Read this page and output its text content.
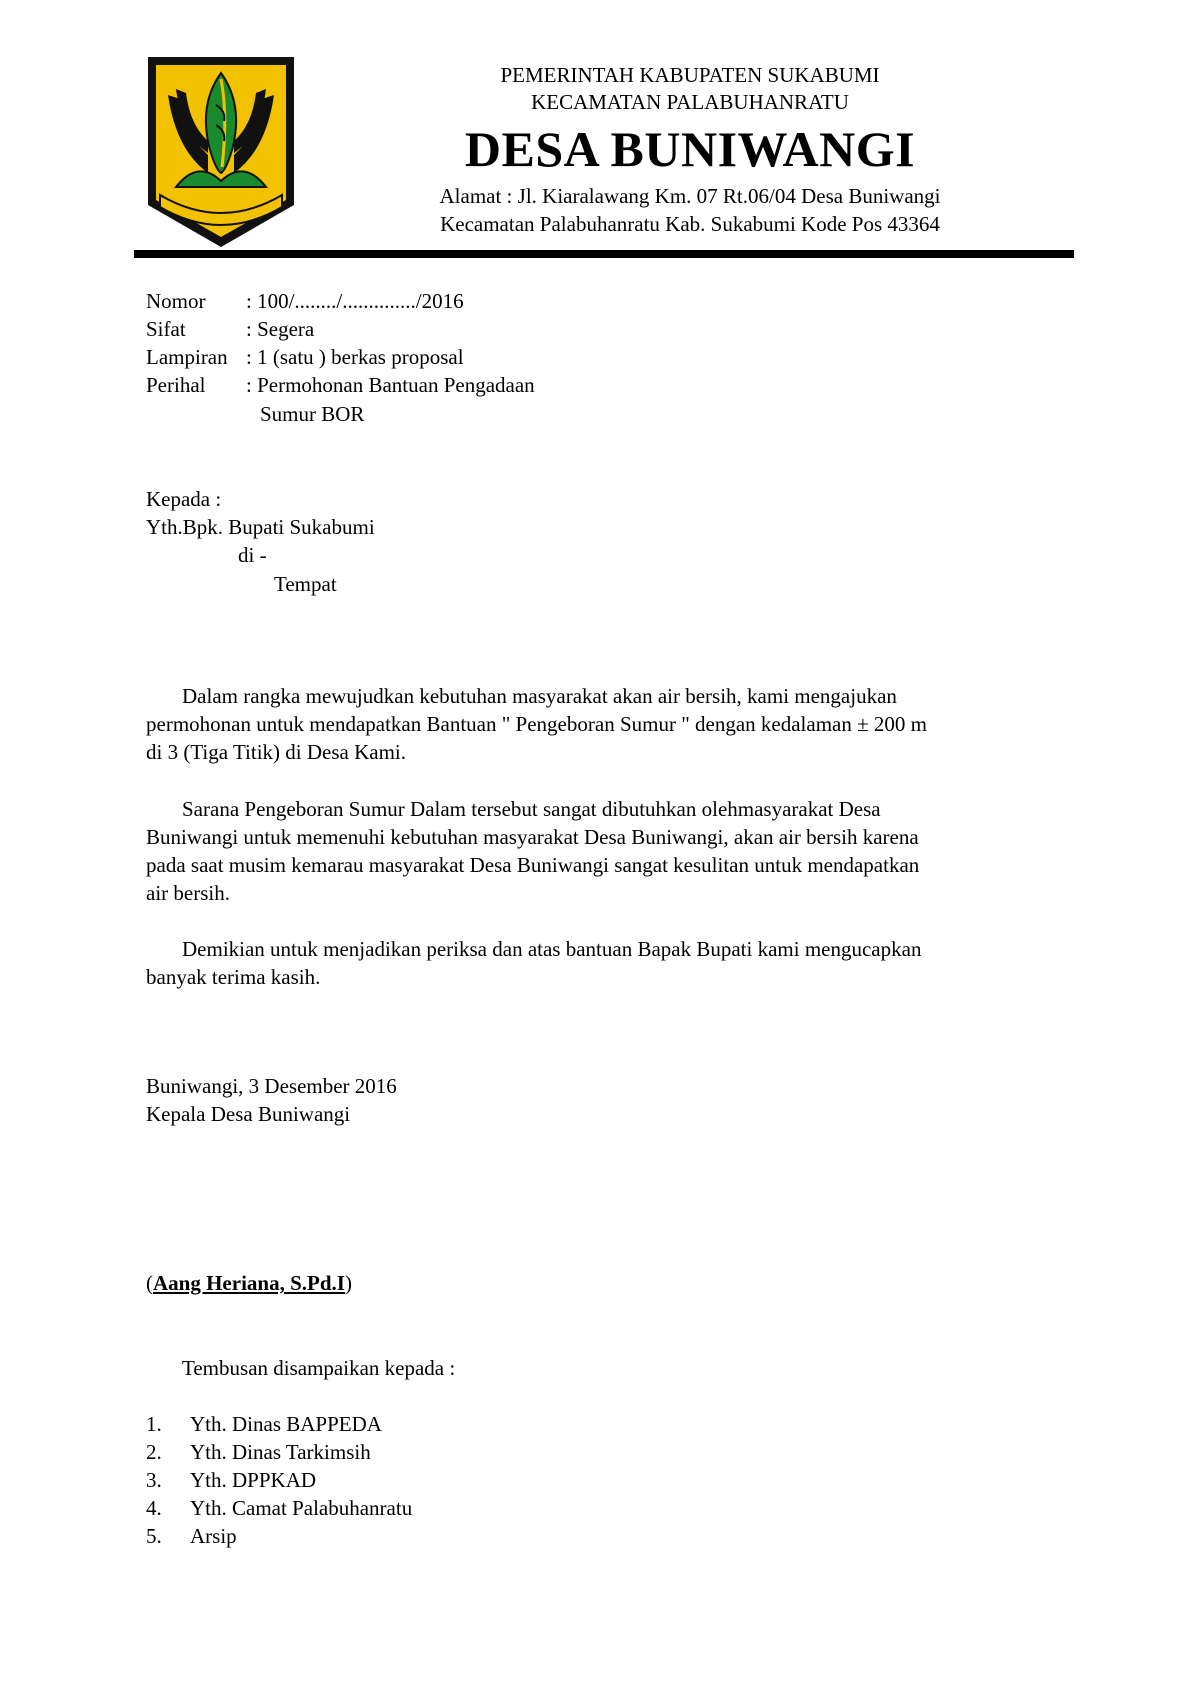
PEMERINTAH KABUPATEN SUKABUMI
KECAMATAN PALABUHANRATU
DESA BUNIWANGI
Alamat : Jl. Kiaralawang Km. 07 Rt.06/04 Desa Buniwangi
Kecamatan Palabuhanratu Kab. Sukabumi Kode Pos 43364
Nomor : 100/......../............../2016
Sifat	: Segera
Lampiran : 1 (satu ) berkas proposal
Perihal : Permohonan Bantuan Pengadaan
Sumur BOR
Kepada :
Yth.Bpk. Bupati Sukabumi
di -
Tempat
Dalam rangka mewujudkan kebutuhan masyarakat akan air bersih, kami mengajukan
permohonan untuk mendapatkan Bantuan " Pengeboran Sumur " dengan kedalaman ± 200 m
di 3 (Tiga Titik) di Desa Kami.
Sarana Pengeboran Sumur Dalam tersebut sangat dibutuhkan olehmasyarakat Desa
Buniwangi untuk memenuhi kebutuhan masyarakat Desa Buniwangi, akan air bersih karena
pada saat musim kemarau masyarakat Desa Buniwangi sangat kesulitan untuk mendapatkan
air bersih.
Demikian untuk menjadikan periksa dan atas bantuan Bapak Bupati kami mengucapkan
banyak terima kasih.
Buniwangi, 3 Desember 2016
Kepala Desa Buniwangi
(Aang Heriana, S.Pd.I)
Tembusan disampaikan kepada :
1. Yth. Dinas BAPPEDA
2. Yth. Dinas Tarkimsih
3. Yth. DPPKAD
4. Yth. Camat Palabuhanratu
5. Arsip
